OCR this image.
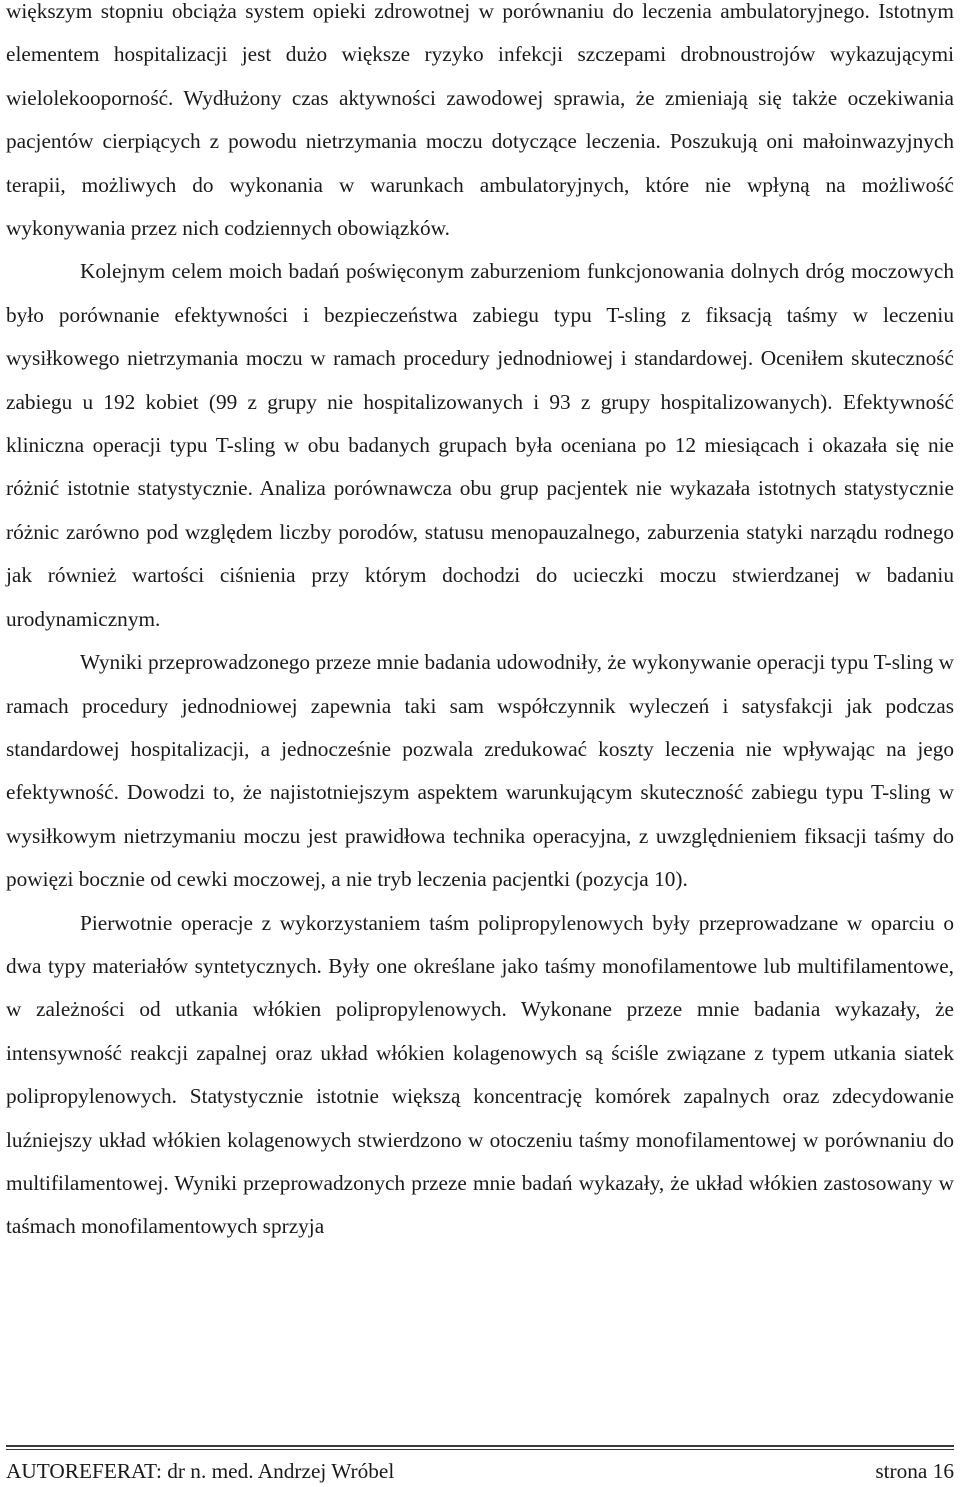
większym stopniu obciąża system opieki zdrowotnej w porównaniu do leczenia ambulatoryjnego. Istotnym elementem hospitalizacji jest dużo większe ryzyko infekcji szczepami drobnoustrojów wykazującymi wielolekooporność. Wydłużony czas aktywności zawodowej sprawia, że zmieniają się także oczekiwania pacjentów cierpiących z powodu nietrzymania moczu dotyczące leczenia. Poszukują oni małoinwazyjnych terapii, możliwych do wykonania w warunkach ambulatoryjnych, które nie wpłyną na możliwość wykonywania przez nich codziennych obowiązków.

Kolejnym celem moich badań poświęconym zaburzeniom funkcjonowania dolnych dróg moczowych było porównanie efektywności i bezpieczeństwa zabiegu typu T-sling z fiksacją taśmy w leczeniu wysiłkowego nietrzymania moczu w ramach procedury jednodniowej i standardowej. Oceniłem skuteczność zabiegu u 192 kobiet (99 z grupy nie hospitalizowanych i 93 z grupy hospitalizowanych). Efektywność kliniczna operacji typu T-sling w obu badanych grupach była oceniana po 12 miesiącach i okazała się nie różnić istotnie statystycznie. Analiza porównawcza obu grup pacjentek nie wykazała istotnych statystycznie różnic zarówno pod względem liczby porodów, statusu menopauzalnego, zaburzenia statyki narządu rodnego jak również wartości ciśnienia przy którym dochodzi do ucieczki moczu stwierdzanej w badaniu urodynamicznym.

Wyniki przeprowadzonego przeze mnie badania udowodniły, że wykonywanie operacji typu T-sling w ramach procedury jednodniowej zapewnia taki sam współczynnik wyleczeń i satysfakcji jak podczas standardowej hospitalizacji, a jednocześnie pozwala zredukować koszty leczenia nie wpływając na jego efektywność. Dowodzi to, że najistotniejszym aspektem warunkującym skuteczność zabiegu typu T-sling w wysiłkowym nietrzymaniu moczu jest prawidłowa technika operacyjna, z uwzględnieniem fiksacji taśmy do powięzi bocznie od cewki moczowej, a nie tryb leczenia pacjentki (pozycja 10).

Pierwotnie operacje z wykorzystaniem taśm polipropylenowych były przeprowadzane w oparciu o dwa typy materiałów syntetycznych. Były one określane jako taśmy monofilamentowe lub multifilamentowe, w zależności od utkania włókien polipropylenowych. Wykonane przeze mnie badania wykazały, że intensywność reakcji zapalnej oraz układ włókien kolagenowych są ściśle związane z typem utkania siatek polipropylenowych. Statystycznie istotnie większą koncentrację komórek zapalnych oraz zdecydowanie luźniejszy układ włókien kolagenowych stwierdzono w otoczeniu taśmy monofilamentowej w porównaniu do multifilamentowej. Wyniki przeprowadzonych przeze mnie badań wykazały, że układ włókien zastosowany w taśmach monofilamentowych sprzyja

AUTOREFERAT: dr n. med. Andrzej Wróbel	strona 16
